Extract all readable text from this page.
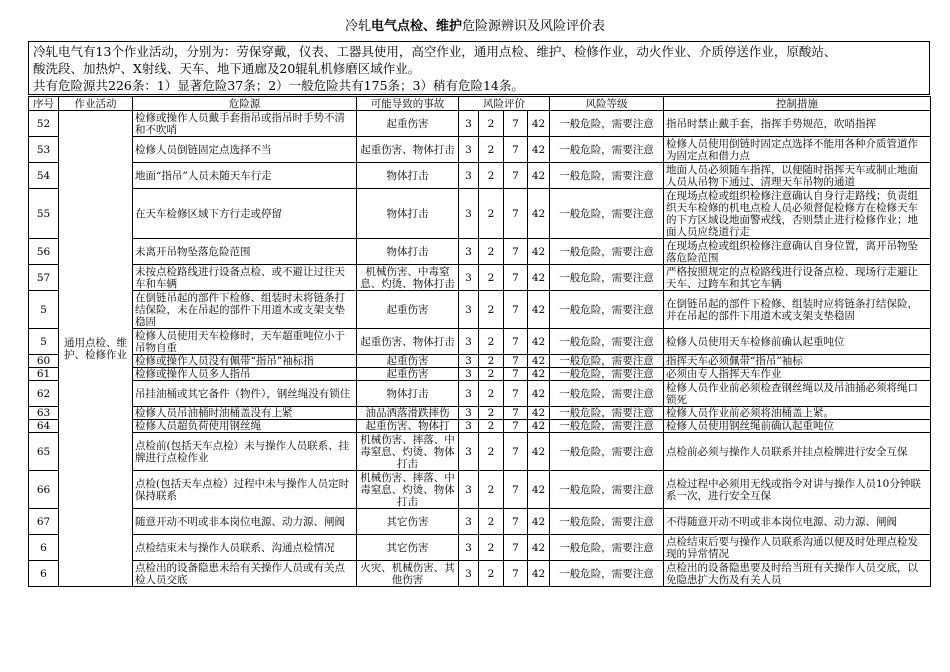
冷轧电气点检、维护危险源辨识及风险评价表
冷轧电气有13个作业活动，分别为：劳保穿戴，仪表、工器具使用，高空作业，通用点检、维护、检修作业，动火作业、介质停送作业，原酸站、
酸洗段、加热炉、X射线、天车、地下通廊及20辊轧机修磨区域作业。
共有危险源共226条：1）显著危险37条；2）一般危险共有175条；3）稍有危险14条。
序号	作业活动	危险源	可能导致的事故	风险评价				风险等级	控制措施

52	通用点检、维护、检修作业	检修或操作人员戴手套指吊或指吊时手势不清和不吹哨	起重伤害	3	2	7	42	一般危险，需要注意	指吊时禁止戴手套，指挥手势规范，吹哨指挥

53		检修人员倒链固定点选择不当	起重伤害、物体打击	3	2	7	42	一般危险，需要注意	检修人员使用倒链时固定点选择不能用各种介质管道作为固定点和借力点

54		地面“指吊”人员未随天车行走	物体打击	3	2	7	42	一般危险，需要注意	地面人员必须随车指挥，以便随时指挥天车或制止地面人员从吊物下通过、清理天车吊物的通道

55		在天车检修区域下方行走或停留	物体打击	3	2	7	42	一般危险，需要注意	在现场点检或组织检修注意确认自身行走路线；负责组织天车检修的机电点检人员必须督促检修方在检修天车的下方区域设地面警戒线，否则禁止进行检修作业；地面人员应绕道行走

56		未离开吊物坠落危险范围	物体打击	3	2	7	42	一般危险，需要注意	在现场点检或组织检修注意确认自身位置，离开吊物坠落危险范围

57		未按点检路线进行设备点检、或不避让过往天车和车辆	机械伤害、中毒窒息、灼烫、物体打击	3	2	7	42	一般危险，需要注意	严格按照规定的点检路线进行设备点检、现场行走避让天车、过跨车和其它车辆

5		在倒链吊起的部件下检修、组装时未将链条打结保险，未在吊起的部件下用道木或支架支垫稳固	起重伤害	3	2	7	42	一般危险，需要注意	在倒链吊起的部件下检修、组装时应将链条打结保险，并在吊起的部件下用道木或支架支垫稳固

5		检修人员使用天车检修时，天车超重吨位小于吊物自重	起重伤害、物体打击	3	2	7	42	一般危险，需要注意	检修人员使用天车检修前确认起重吨位

60		检修或操作人员没有佩带“指吊”袖标指	起重伤害	3	2	7	42	一般危险，需要注意	指挥天车必须佩带“指吊”袖标

61		检修或操作人员多人指吊	起重伤害	3	2	7	42	一般危险，需要注意	必须由专人指挥天车作业

62		吊挂油桶或其它备件（物件），钢丝绳没有锁住	物体打击	3	2	7	42	一般危险，需要注意	检修人员作业前必须检查钢丝绳以及吊油捅必须将绳口锁死

63		检修人员吊油桶时油桶盖没有上紧	油品洒落滑跌摔伤	3	2	7	42	一般危险，需要注意	检修人员作业前必须将油桶盖上紧。

64		检修人员超负荷使用钢丝绳	起重伤害、物体打	3	2	7	42	一般危险，需要注意	检修人员使用钢丝绳前确认起重吨位

65		点检前(包括天车点检）未与操作人员联系、挂牌进行点检作业	机械伤害、摔落、中毒窒息、灼烫、物体打击	3	2	7	42	一般危险，需要注意	点检前必须与操作人员联系并挂点检牌进行安全互保

66		点检(包括天车点检）过程中未与操作人员定时保持联系	机械伤害、摔落、中毒窒息、灼烫、物体打击	3	2	7	42	一般危险，需要注意	点检过程中必须用无线或指令对讲与操作人员10分钟联系一次，进行安全互保

67		随意开动不明或非本岗位电源、动力源、闸阀	其它伤害	3	2	7	42	一般危险，需要注意	不得随意开动不明或非本岗位电源、动力源、闸阀

6		点检结束未与操作人员联系、沟通点检情况	其它伤害	3	2	7	42	一般危险，需要注意	点检结束后要与操作人员联系沟通以便及时处理点检发现的异常情况

6		点检出的设备隐患未给有关操作人员或有关点检人员交底	火灾、机械伤害、其他伤害	3	2	7	42	一般危险，需要注意	点检出的设备隐患要及时给当班有关操作人员交底，以免隐患扩大伤及有关人员
